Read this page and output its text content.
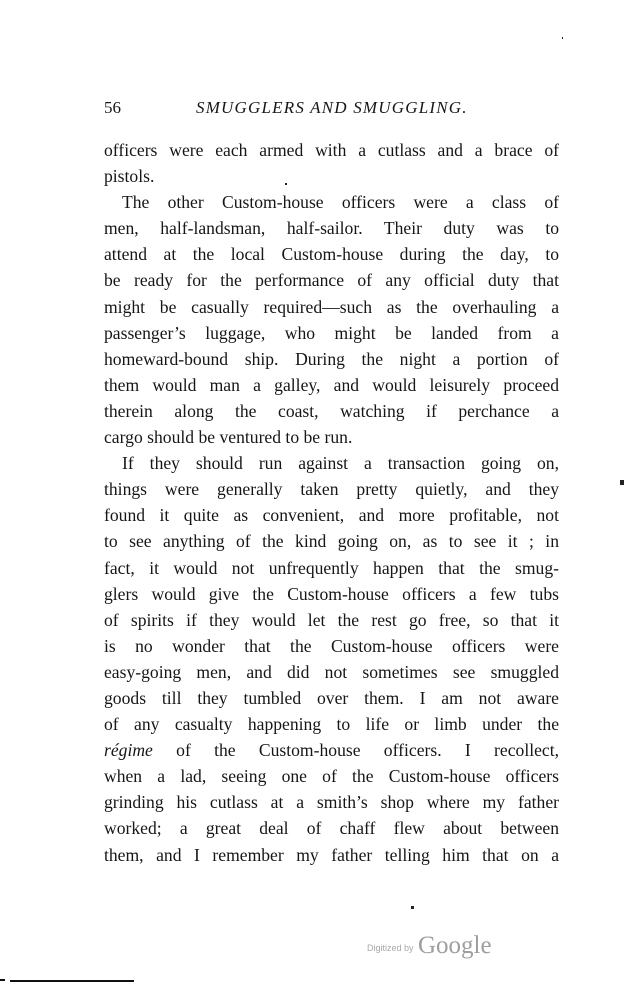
56	SMUGGLERS AND SMUGGLING.
officers were each armed with a cutlass and a brace of
pistols.
The other Custom-house officers were a class of
men, half-landsman, half-sailor. Their duty was to
attend at the local Custom-house during the day, to
be ready for the performance of any official duty that
might be casually required—such as the overhauling a
passenger’s luggage, who might be landed from a
homeward-bound ship. During the night a portion of
them would man a galley, and would leisurely proceed
therein along the coast, watching if perchance a
cargo should be ventured to be run.
If they should run against a transaction going on,
things were generally taken pretty quietly, and they
found it quite as convenient, and more profitable, not
to see anything of the kind going on, as to see it ; in
fact, it would not unfrequently happen that the smug-
glers would give the Custom-house officers a few tubs
of spirits if they would let the rest go free, so that it
is no wonder that the Custom-house officers were
easy-going men, and did not sometimes see smuggled
goods till they tumbled over them. I am not aware
of any casualty happening to life or limb under the
régime of the Custom-house officers. I recollect,
when a lad, seeing one of the Custom-house officers
grinding his cutlass at a smith’s shop where my father
worked; a great deal of chaff flew about between
them, and I remember my father telling him that on a
Digitized by Google
